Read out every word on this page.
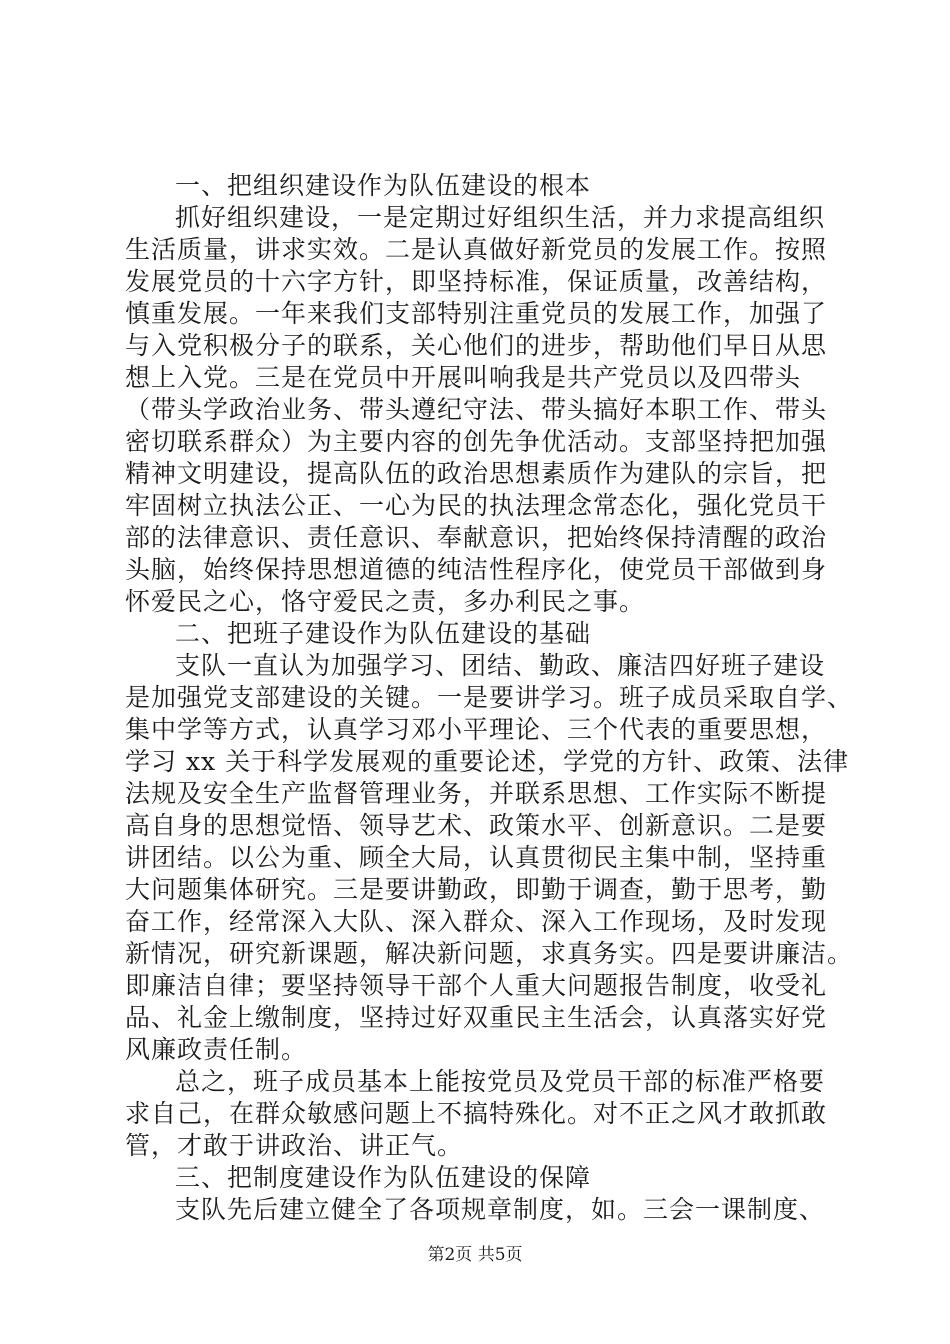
一、把组织建设作为队伍建设的根本
抓好组织建设，一是定期过好组织生活，并力求提高组织
生活质量，讲求实效。二是认真做好新党员的发展工作。按照
发展党员的十六字方针，即坚持标准，保证质量，改善结构，
慎重发展。一年来我们支部特别注重党员的发展工作，加强了
与入党积极分子的联系，关心他们的进步，帮助他们早日从思
想上入党。三是在党员中开展叫响我是共产党员以及四带头
（带头学政治业务、带头遵纪守法、带头搞好本职工作、带头
密切联系群众）为主要内容的创先争优活动。支部坚持把加强
精神文明建设，提高队伍的政治思想素质作为建队的宗旨，把
牢固树立执法公正、一心为民的执法理念常态化，强化党员干
部的法律意识、责任意识、奉献意识，把始终保持清醒的政治
头脑，始终保持思想道德的纯洁性程序化，使党员干部做到身
怀爱民之心，恪守爱民之责，多办利民之事。
二、把班子建设作为队伍建设的基础
支队一直认为加强学习、团结、勤政、廉洁四好班子建设
是加强党支部建设的关键。一是要讲学习。班子成员采取自学、
集中学等方式，认真学习邓小平理论、三个代表的重要思想，
学习 xx 关于科学发展观的重要论述，学党的方针、政策、法律
法规及安全生产监督管理业务，并联系思想、工作实际不断提
高自身的思想觉悟、领导艺术、政策水平、创新意识。二是要
讲团结。以公为重、顾全大局，认真贯彻民主集中制，坚持重
大问题集体研究。三是要讲勤政，即勤于调查，勤于思考，勤
奋工作，经常深入大队、深入群众、深入工作现场，及时发现
新情况，研究新课题，解决新问题，求真务实。四是要讲廉洁。
即廉洁自律；要坚持领导干部个人重大问题报告制度，收受礼
品、礼金上缴制度，坚持过好双重民主生活会，认真落实好党
风廉政责任制。
总之，班子成员基本上能按党员及党员干部的标准严格要
求自己，在群众敏感问题上不搞特殊化。对不正之风才敢抓敢
管，才敢于讲政治、讲正气。
三、把制度建设作为队伍建设的保障
支队先后建立健全了各项规章制度，如。三会一课制度、
第2页 共5页
